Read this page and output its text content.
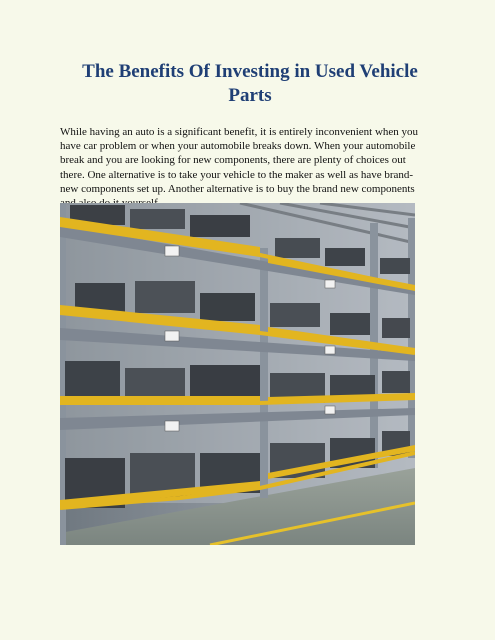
The Benefits Of Investing in Used Vehicle
Parts
While having an auto is a significant benefit, it is entirely inconvenient when you
have car problem or when your automobile breaks down. When your automobile
break and you are looking for new components, there are plenty of choices out
there. One alternative is to take your vehicle to the maker as well as have brand-
new components set up. Another alternative is to buy the brand new components
